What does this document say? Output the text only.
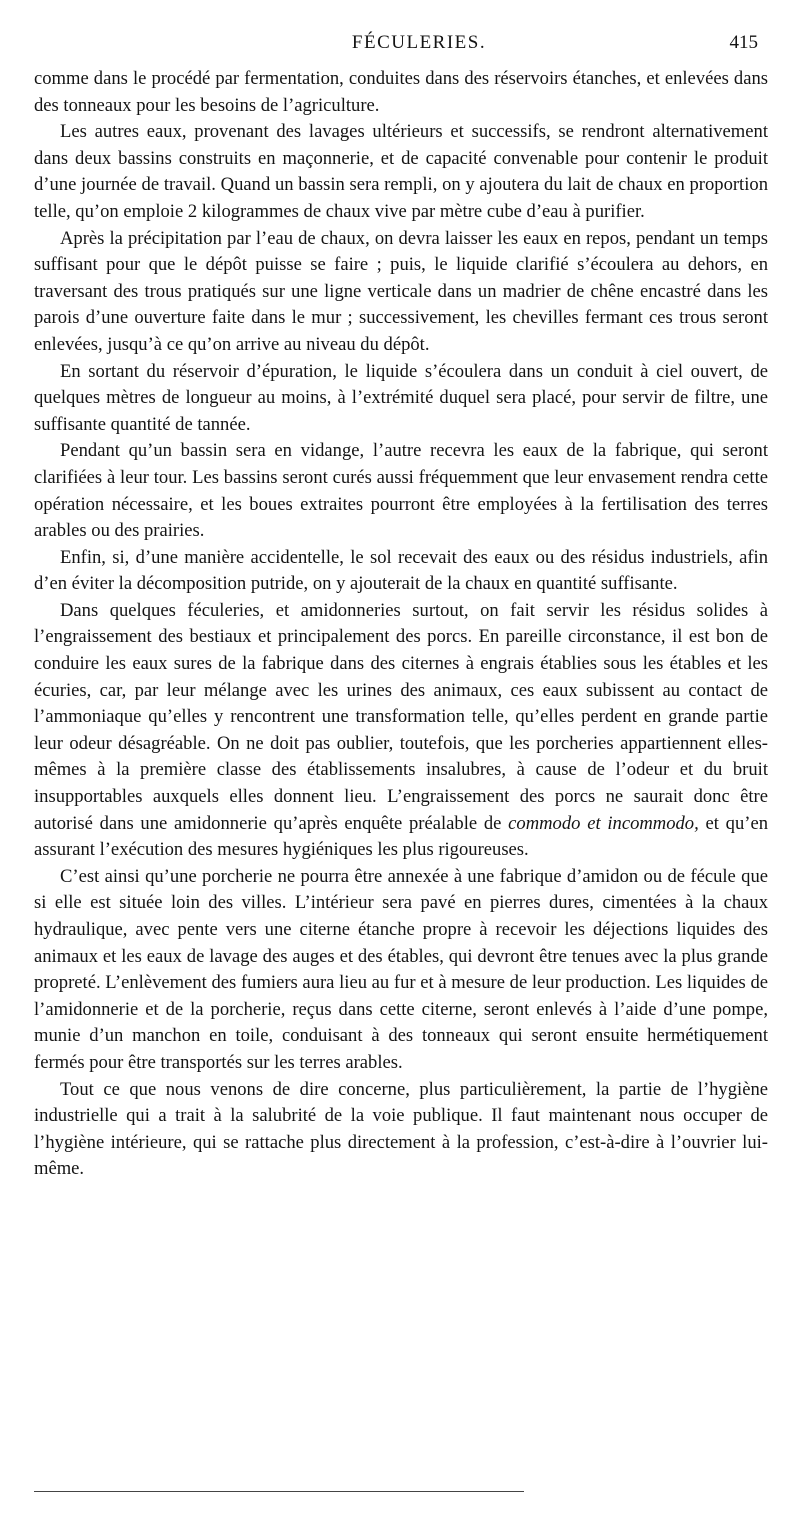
FÉCULERIES.	415

comme dans le procédé par fermentation, conduites dans des réservoirs étanches, et enlevées dans des tonneaux pour les besoins de l’agriculture.

Les autres eaux, provenant des lavages ultérieurs et successifs, se rendront alternativement dans deux bassins construits en maçonnerie, et de capacité convenable pour contenir le produit d’une journée de travail. Quand un bassin sera rempli, on y ajoutera du lait de chaux en proportion telle, qu’on emploie 2 kilogrammes de chaux vive par mètre cube d’eau à purifier.

Après la précipitation par l’eau de chaux, on devra laisser les eaux en repos, pendant un temps suffisant pour que le dépôt puisse se faire ; puis, le liquide clarifié s’écoulera au dehors, en traversant des trous pratiqués sur une ligne verticale dans un madrier de chêne encastré dans les parois d’une ouverture faite dans le mur ; successivement, les chevilles fermant ces trous seront enlevées, jusqu’à ce qu’on arrive au niveau du dépôt.

En sortant du réservoir d’épuration, le liquide s’écoulera dans un conduit à ciel ouvert, de quelques mètres de longueur au moins, à l’extrémité duquel sera placé, pour servir de filtre, une suffisante quantité de tannée.

Pendant qu’un bassin sera en vidange, l’autre recevra les eaux de la fabrique, qui seront clarifiées à leur tour. Les bassins seront curés aussi fréquemment que leur envasement rendra cette opération nécessaire, et les boues extraites pourront être employées à la fertilisation des terres arables ou des prairies.

Enfin, si, d’une manière accidentelle, le sol recevait des eaux ou des résidus industriels, afin d’en éviter la décomposition putride, on y ajouterait de la chaux en quantité suffisante.

Dans quelques féculeries, et amidonneries surtout, on fait servir les résidus solides à l’engraissement des bestiaux et principalement des porcs. En pareille circonstance, il est bon de conduire les eaux sures de la fabrique dans des citernes à engrais établies sous les étables et les écuries, car, par leur mélange avec les urines des animaux, ces eaux subissent au contact de l’ammoniaque qu’elles y rencontrent une transformation telle, qu’elles perdent en grande partie leur odeur désagréable. On ne doit pas oublier, toutefois, que les porcheries appartiennent elles-mêmes à la première classe des établissements insalubres, à cause de l’odeur et du bruit insupportables auxquels elles donnent lieu. L’engraissement des porcs ne saurait donc être autorisé dans une amidonnerie qu’après enquête préalable de commodo et incommodo, et qu’en assurant l’exécution des mesures hygiéniques les plus rigoureuses.

C’est ainsi qu’une porcherie ne pourra être annexée à une fabrique d’amidon ou de fécule que si elle est située loin des villes. L’intérieur sera pavé en pierres dures, cimentées à la chaux hydraulique, avec pente vers une citerne étanche propre à recevoir les déjections liquides des animaux et les eaux de lavage des auges et des étables, qui devront être tenues avec la plus grande propreté. L’enlèvement des fumiers aura lieu au fur et à mesure de leur production. Les liquides de l’amidonnerie et de la porcherie, reçus dans cette citerne, seront enlevés à l’aide d’une pompe, munie d’un manchon en toile, conduisant à des tonneaux qui seront ensuite hermétiquement fermés pour être transportés sur les terres arables.

Tout ce que nous venons de dire concerne, plus particulièrement, la partie de l’hygiène industrielle qui a trait à la salubrité de la voie publique. Il faut maintenant nous occuper de l’hygiène intérieure, qui se rattache plus directement à la profession, c’est-à-dire à l’ouvrier lui-même.
